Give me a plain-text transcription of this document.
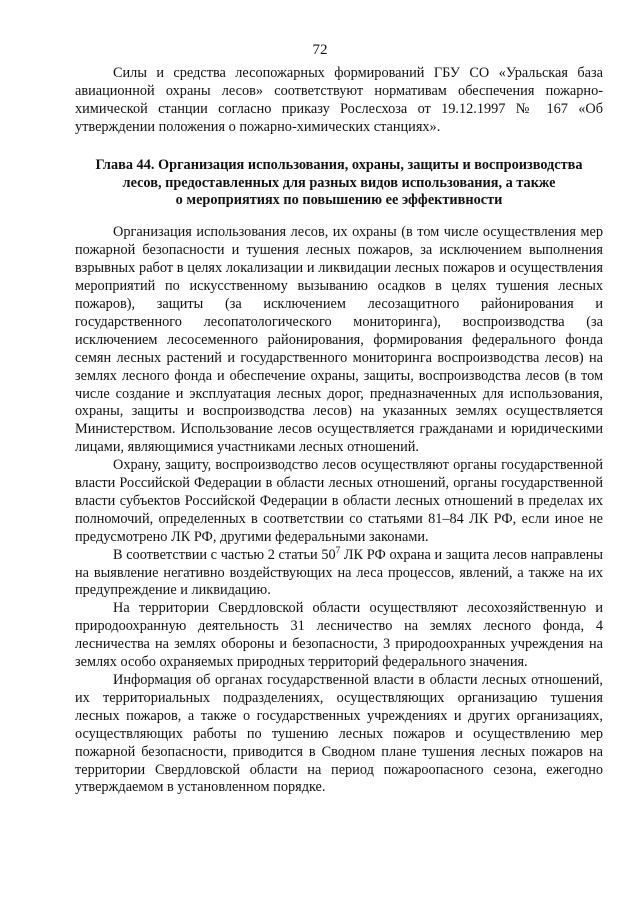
72

Силы и средства лесопожарных формирований ГБУ СО «Уральская база авиационной охраны лесов» соответствуют нормативам обеспечения пожарно-химической станции согласно приказу Рослесхоза от 19.12.1997 № 167 «Об утверждении положения о пожарно-химических станциях».

Глава 44. Организация использования, охраны, защиты и воспроизводства
лесов, предоставленных для разных видов использования, а также
о мероприятиях по повышению ее эффективности

Организация использования лесов, их охраны (в том числе осуществления мер пожарной безопасности и тушения лесных пожаров, за исключением выполнения взрывных работ в целях локализации и ликвидации лесных пожаров и осуществления мероприятий по искусственному вызыванию осадков в целях тушения лесных пожаров), защиты (за исключением лесозащитного районирования и государственного лесопатологического мониторинга), воспроизводства (за исключением лесосеменного районирования, формирования федерального фонда семян лесных растений и государственного мониторинга воспроизводства лесов) на землях лесного фонда и обеспечение охраны, защиты, воспроизводства лесов (в том числе создание и эксплуатация лесных дорог, предназначенных для использования, охраны, защиты и воспроизводства лесов) на указанных землях осуществляется Министерством. Использование лесов осуществляется гражданами и юридическими лицами, являющимися участниками лесных отношений.

Охрану, защиту, воспроизводство лесов осуществляют органы государственной власти Российской Федерации в области лесных отношений, органы государственной власти субъектов Российской Федерации в области лесных отношений в пределах их полномочий, определенных в соответствии со статьями 81–84 ЛК РФ, если иное не предусмотрено ЛК РФ, другими федеральными законами.

В соответствии с частью 2 статьи $50^7$ ЛК РФ охрана и защита лесов направлены на выявление негативно воздействующих на леса процессов, явлений, а также на их предупреждение и ликвидацию.

На территории Свердловской области осуществляют лесохозяйственную и природоохранную деятельность 31 лесничество на землях лесного фонда, 4 лесничества на землях обороны и безопасности, 3 природоохранных учреждения на землях особо охраняемых природных территорий федерального значения.

Информация об органах государственной власти в области лесных отношений, их территориальных подразделениях, осуществляющих организацию тушения лесных пожаров, а также о государственных учреждениях и других организациях, осуществляющих работы по тушению лесных пожаров и осуществлению мер пожарной безопасности, приводится в Сводном плане тушения лесных пожаров на территории Свердловской области на период пожароопасного сезона, ежегодно утверждаемом в установленном порядке.
